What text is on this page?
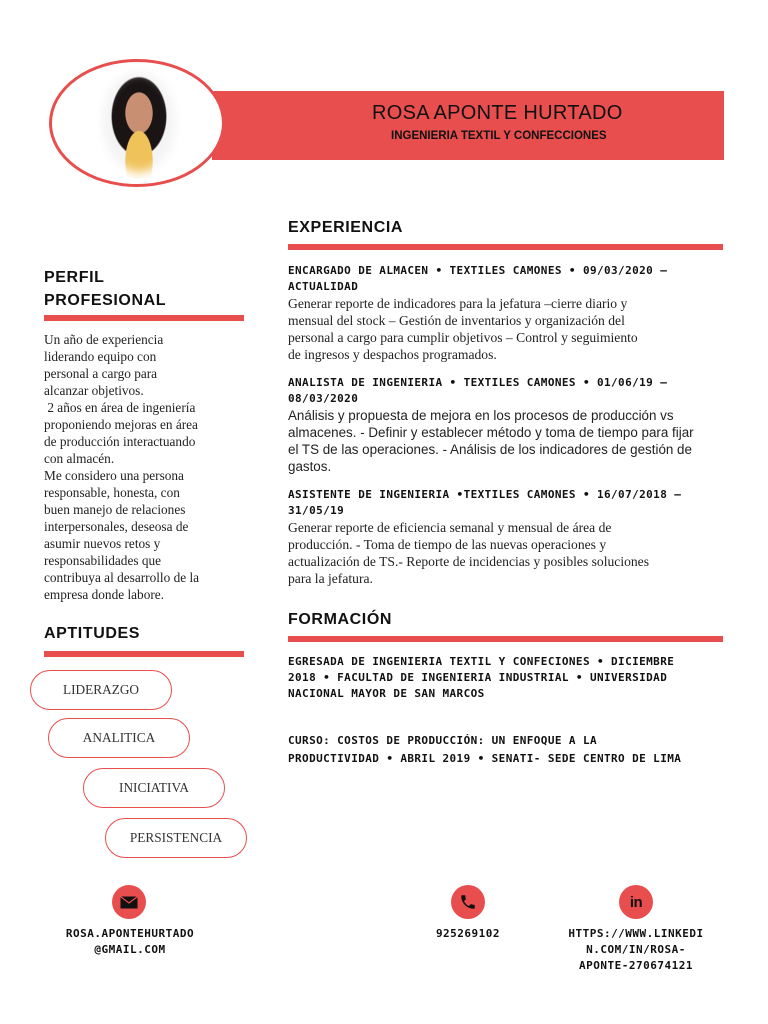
ROSA APONTE HURTADO
INGENIERIA TEXTIL Y CONFECCIONES
PERFIL
PROFESIONAL
Un año de experiencia
liderando equipo con
personal a cargo para
alcanzar objetivos.
2 años en área de ingeniería
proponiendo mejoras en área
de producción interactuando
con almacén.
Me considero una persona
responsable, honesta, con
buen manejo de relaciones
interpersonales, deseosa de
asumir nuevos retos y
responsabilidades que
contribuya al desarrollo de la
empresa donde labore.
APTITUDES
LIDERAZGO
ANALITICA
INICIATIVA
PERSISTENCIA
EXPERIENCIA
ENCARGADO DE ALMACEN • TEXTILES CAMONES • 09/03/2020 –
ACTUALIDAD
Generar reporte de indicadores para la jefatura –cierre diario y
mensual del stock – Gestión de inventarios y organización del
personal a cargo para cumplir objetivos – Control y seguimiento
de ingresos y despachos programados.
ANALISTA DE INGENIERIA • TEXTILES CAMONES • 01/06/19 –
08/03/2020
Análisis y propuesta de mejora en los procesos de producción vs
almacenes. - Definir y establecer método y toma de tiempo para fijar
el TS de las operaciones. - Análisis de los indicadores de gestión de
gastos.
ASISTENTE DE INGENIERIA •TEXTILES CAMONES • 16/07/2018 –
31/05/19
Generar reporte de eficiencia semanal y mensual de área de
producción. - Toma de tiempo de las nuevas operaciones y
actualización de TS.- Reporte de incidencias y posibles soluciones
para la jefatura.
FORMACIÓN
EGRESADA DE INGENIERIA TEXTIL Y CONFECIONES • DICIEMBRE
2018 • FACULTAD DE INGENIERIA INDUSTRIAL • UNIVERSIDAD
NACIONAL MAYOR DE SAN MARCOS
CURSO: COSTOS DE PRODUCCIÓN: UN ENFOQUE A LA
PRODUCTIVIDAD • ABRIL 2019 • SENATI- SEDE CENTRO DE LIMA
ROSA.APONTEHURTADO
@GMAIL.COM
925269102
in
HTTPS://WWW.LINKEDI
N.COM/IN/ROSA-
APONTE-270674121
